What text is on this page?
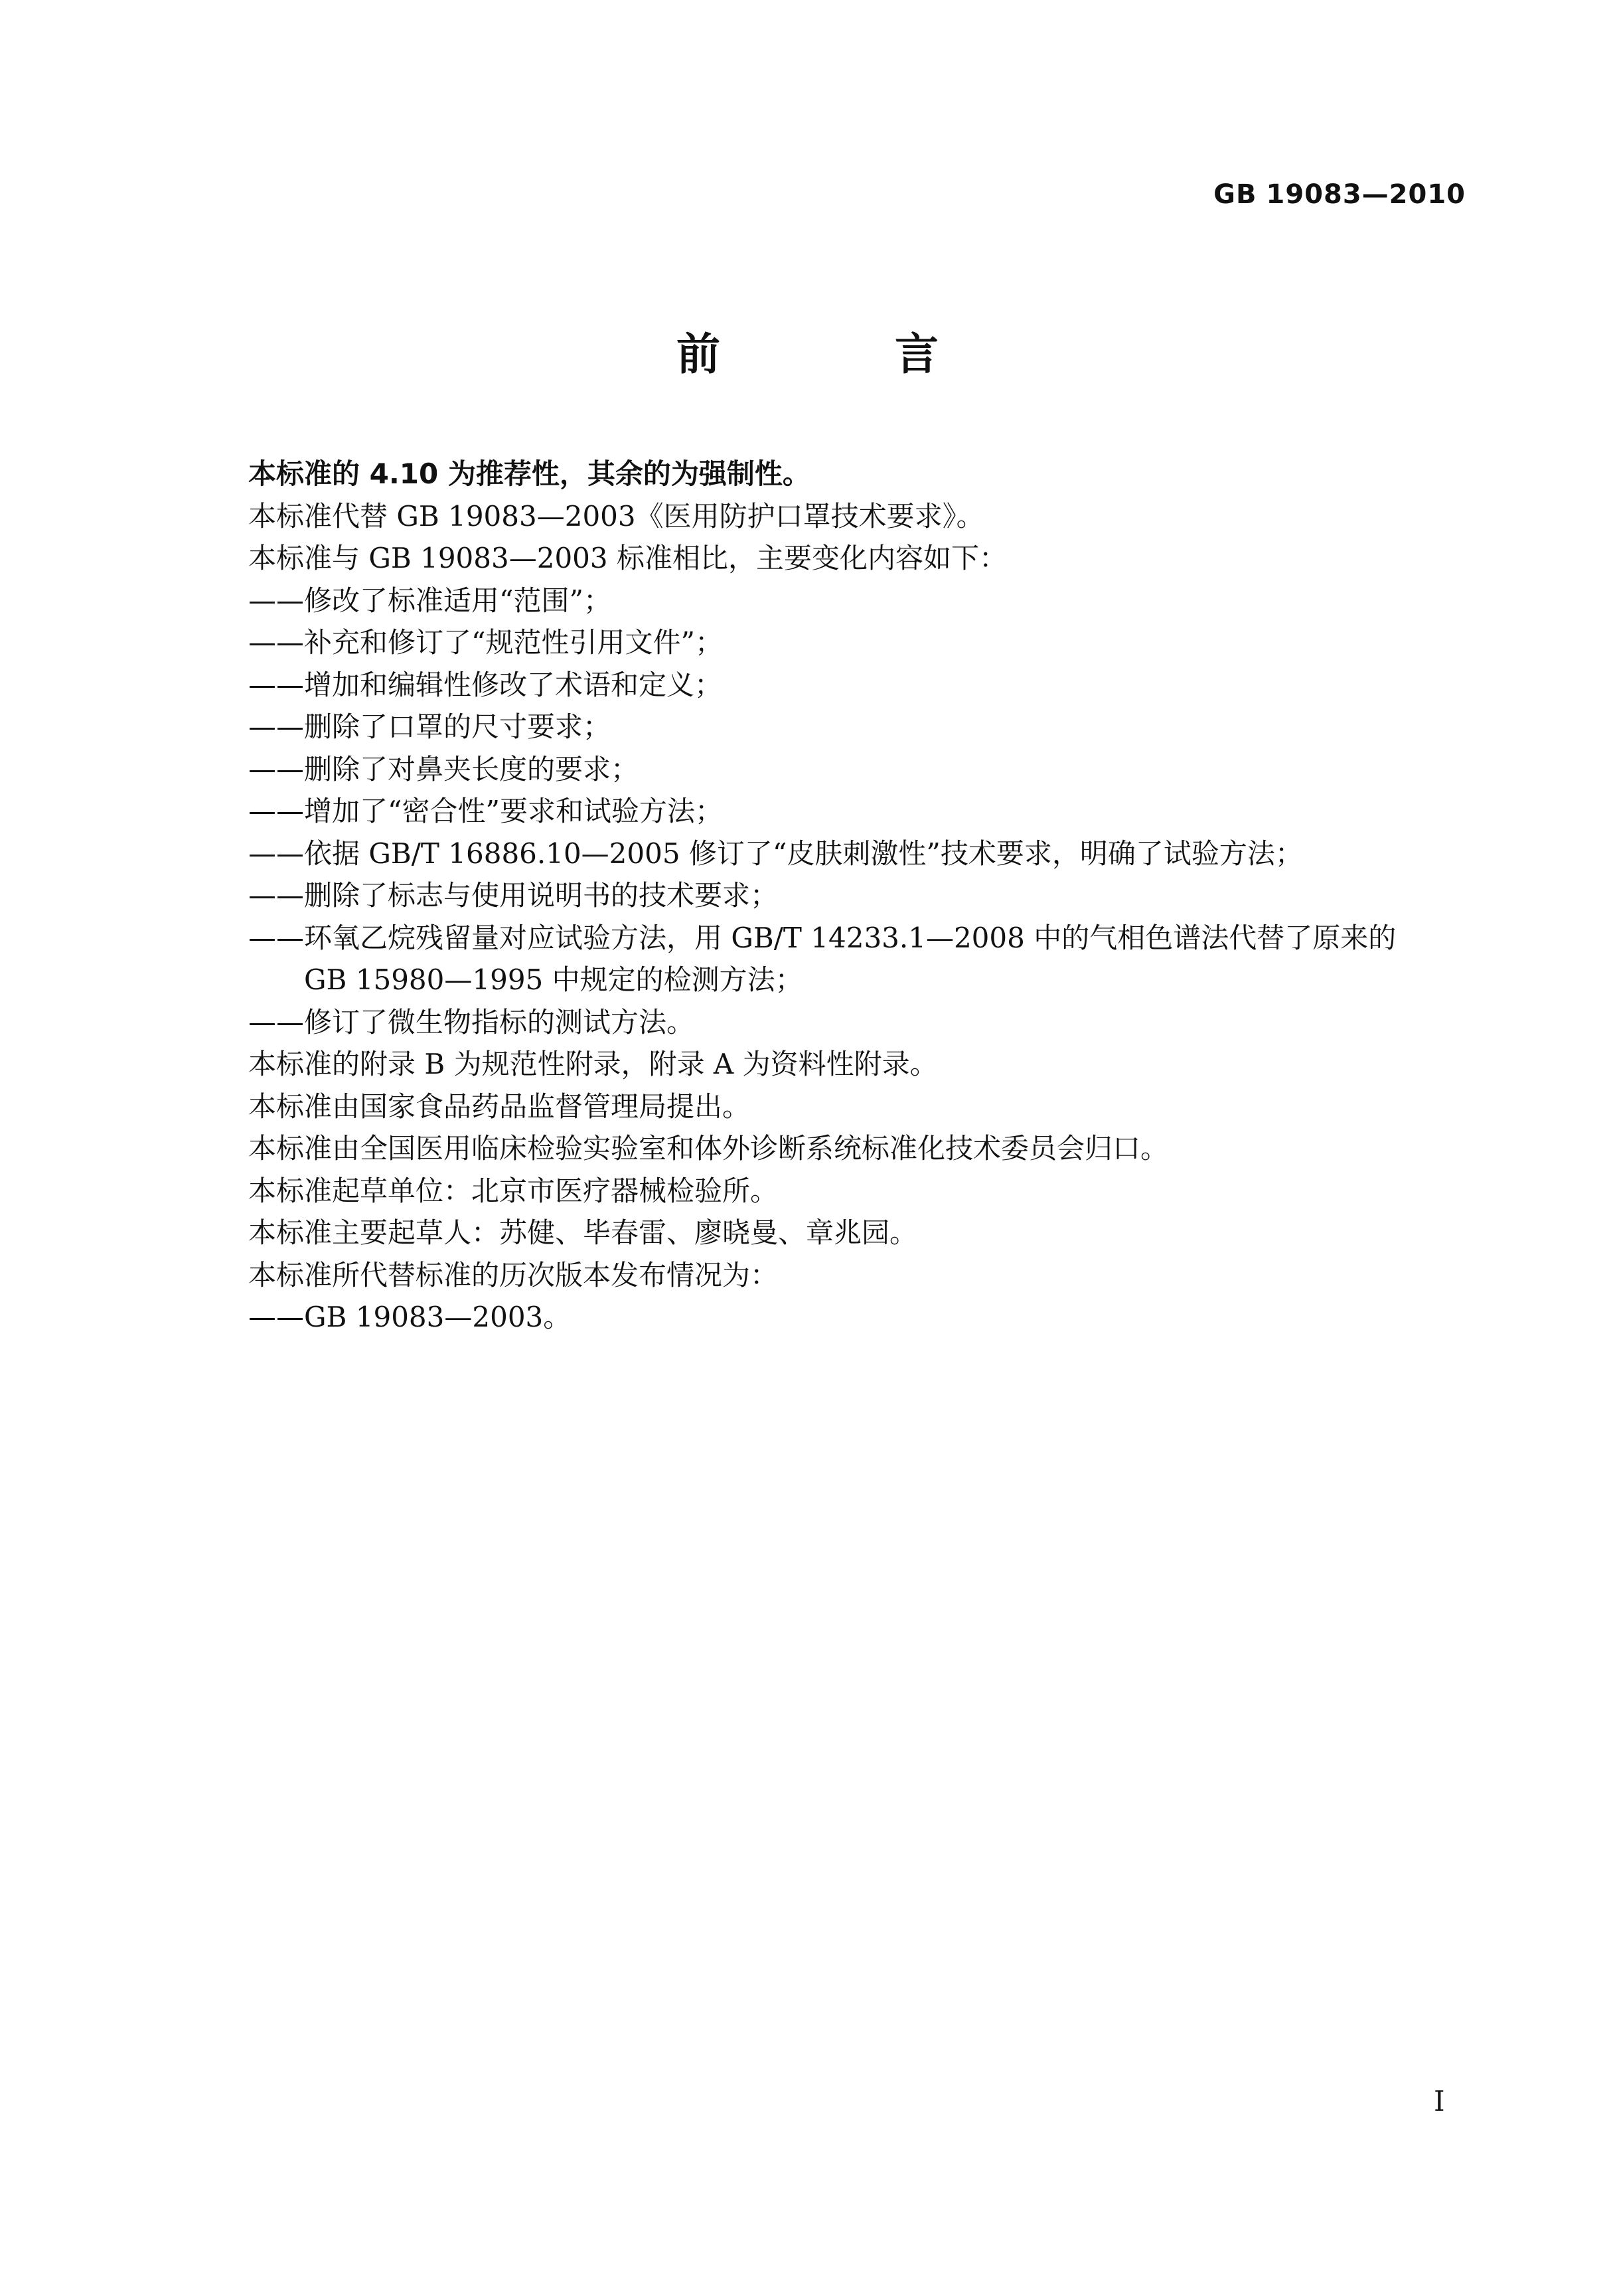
GB 19083—2010
前 言
本标准的 4.10 为推荐性，其余的为强制性。
本标准代替 GB 19083—2003《医用防护口罩技术要求》。
本标准与 GB 19083—2003 标准相比，主要变化内容如下：
——修改了标准适用“范围”；
——补充和修订了“规范性引用文件”；
——增加和编辑性修改了术语和定义；
——删除了口罩的尺寸要求；
——删除了对鼻夹长度的要求；
——增加了“密合性”要求和试验方法；
——依据 GB/T 16886.10—2005 修订了“皮肤刺激性”技术要求，明确了试验方法；
——删除了标志与使用说明书的技术要求；
——环氧乙烷残留量对应试验方法，用 GB/T 14233.1—2008 中的气相色谱法代替了原来的
GB 15980—1995 中规定的检测方法；
——修订了微生物指标的测试方法。
本标准的附录 B 为规范性附录，附录 A 为资料性附录。
本标准由国家食品药品监督管理局提出。
本标准由全国医用临床检验实验室和体外诊断系统标准化技术委员会归口。
本标准起草单位：北京市医疗器械检验所。
本标准主要起草人：苏健、毕春雷、廖晓曼、章兆园。
本标准所代替标准的历次版本发布情况为：
——GB 19083—2003。
I
